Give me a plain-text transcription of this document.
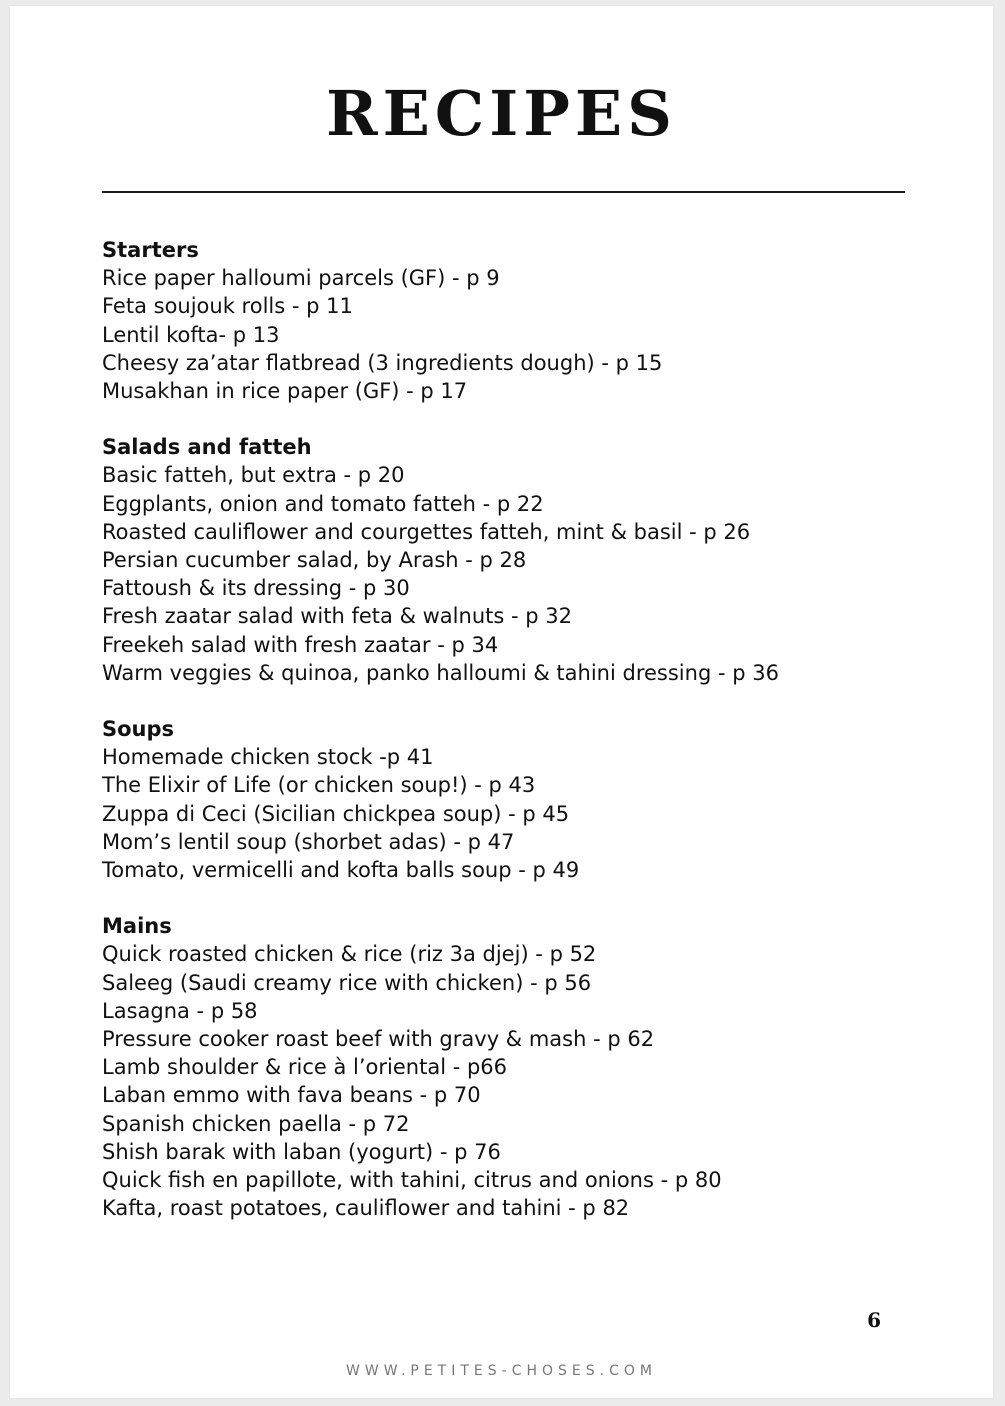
RECIPES

Starters

Rice paper halloumi parcels (GF) - p 9

Feta soujouk rolls - p 11

Lentil kofta- p 13

Cheesy za’atar flatbread (3 ingredients dough) - p 15

Musakhan in rice paper (GF) - p 17

Salads and fatteh

Basic fatteh, but extra - p 20

Eggplants, onion and tomato fatteh - p 22

Roasted cauliflower and courgettes fatteh, mint & basil - p 26

Persian cucumber salad, by Arash - p 28

Fattoush & its dressing - p 30

Fresh zaatar salad with feta & walnuts - p 32

Freekeh salad with fresh zaatar - p 34

Warm veggies & quinoa, panko halloumi & tahini dressing - p 36

Soups

Homemade chicken stock -p 41

The Elixir of Life (or chicken soup!) - p 43

Zuppa di Ceci (Sicilian chickpea soup) - p 45

Mom’s lentil soup (shorbet adas) - p 47

Tomato, vermicelli and kofta balls soup - p 49

Mains

Quick roasted chicken & rice (riz 3a djej) - p 52

Saleeg (Saudi creamy rice with chicken) - p 56

Lasagna - p 58

Pressure cooker roast beef with gravy & mash - p 62

Lamb shoulder & rice à l’oriental - p66

Laban emmo with fava beans - p 70

Spanish chicken paella - p 72

Shish barak with laban (yogurt) - p 76

Quick fish en papillote, with tahini, citrus and onions - p 80

Kafta, roast potatoes, cauliflower and tahini - p 82

6
WWW.PETITES-CHOSES.COM
